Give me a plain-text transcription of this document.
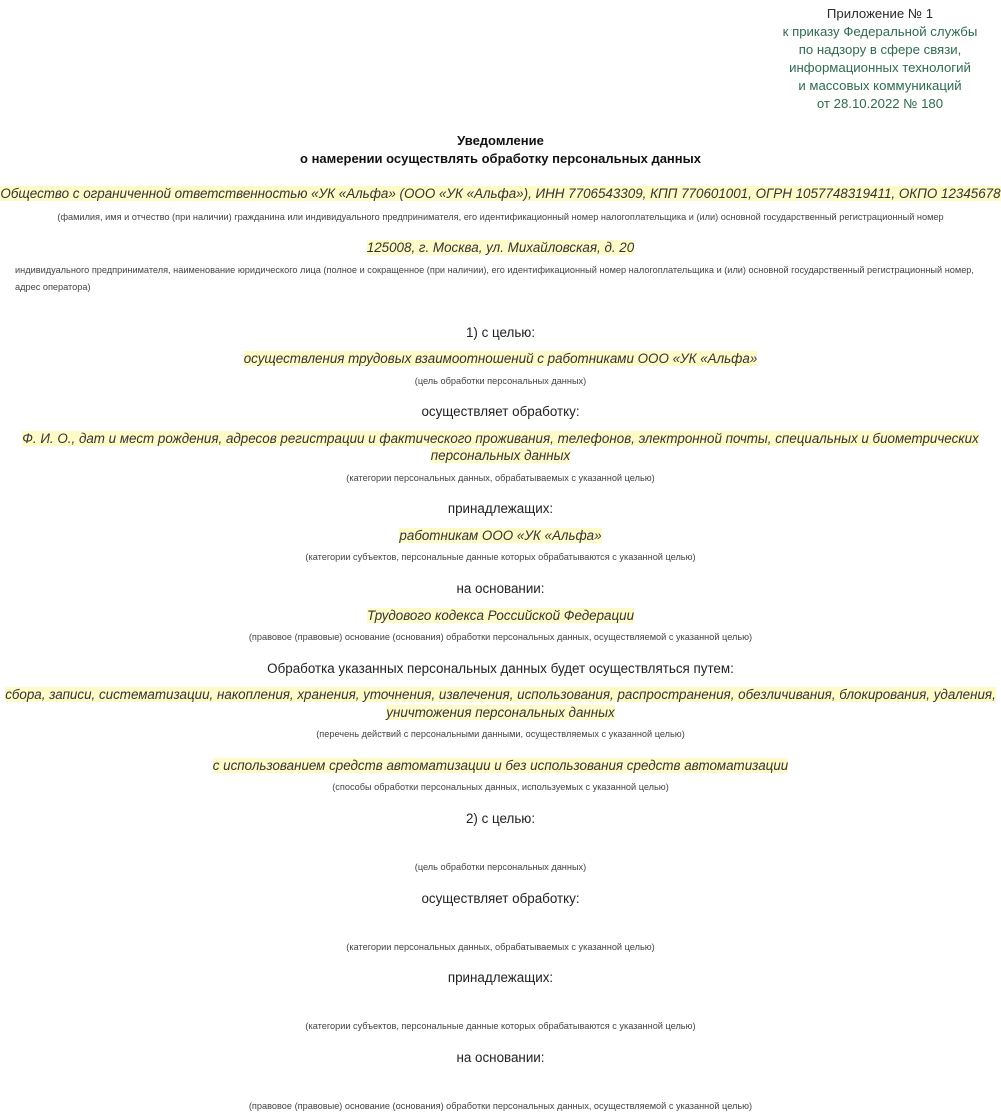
Приложение № 1
к приказу Федеральной службы
по надзору в сфере связи,
информационных технологий
и массовых коммуникаций
от 28.10.2022 № 180
Уведомление
о намерении осуществлять обработку персональных данных
Общество с ограниченной ответственностью «УК «Альфа» (ООО «УК «Альфа»), ИНН 7706543309, КПП 770601001, ОГРН 1057748319411, ОКПО 12345678
(фамилия, имя и отчество (при наличии) гражданина или индивидуального предпринимателя, его идентификационный номер налогоплательщика и (или) основной государственный регистрационный номер
125008, г. Москва, ул. Михайловская, д. 20
индивидуального предпринимателя, наименование юридического лица (полное и сокращенное (при наличии), его идентификационный номер налогоплательщика и (или) основной государственный регистрационный номер, адрес оператора)
1) с целью:
осуществления трудовых взаимоотношений с работниками ООО «УК «Альфа»
(цель обработки персональных данных)
осуществляет обработку:
Ф. И. О., дат и мест рождения, адресов регистрации и фактического проживания, телефонов, электронной почты, специальных и биометрических
персональных данных
(категории персональных данных, обрабатываемых с указанной целью)
принадлежащих:
работникам ООО «УК «Альфа»
(категории субъектов, персональные данные которых обрабатываются с указанной целью)
на основании:
Трудового кодекса Российской Федерации
(правовое (правовые) основание (основания) обработки персональных данных, осуществляемой с указанной целью)
Обработка указанных персональных данных будет осуществляться путем:
сбора, записи, систематизации, накопления, хранения, уточнения, извлечения, использования, распространения, обезличивания, блокирования, удаления,
уничтожения персональных данных
(перечень действий с персональными данными, осуществляемых с указанной целью)
с использованием средств автоматизации и без использования средств автоматизации
(способы обработки персональных данных, используемых с указанной целью)
2) с целью:
(цель обработки персональных данных)
осуществляет обработку:
(категории персональных данных, обрабатываемых с указанной целью)
принадлежащих:
(категории субъектов, персональные данные которых обрабатываются с указанной целью)
на основании:
(правовое (правовые) основание (основания) обработки персональных данных, осуществляемой с указанной целью)
